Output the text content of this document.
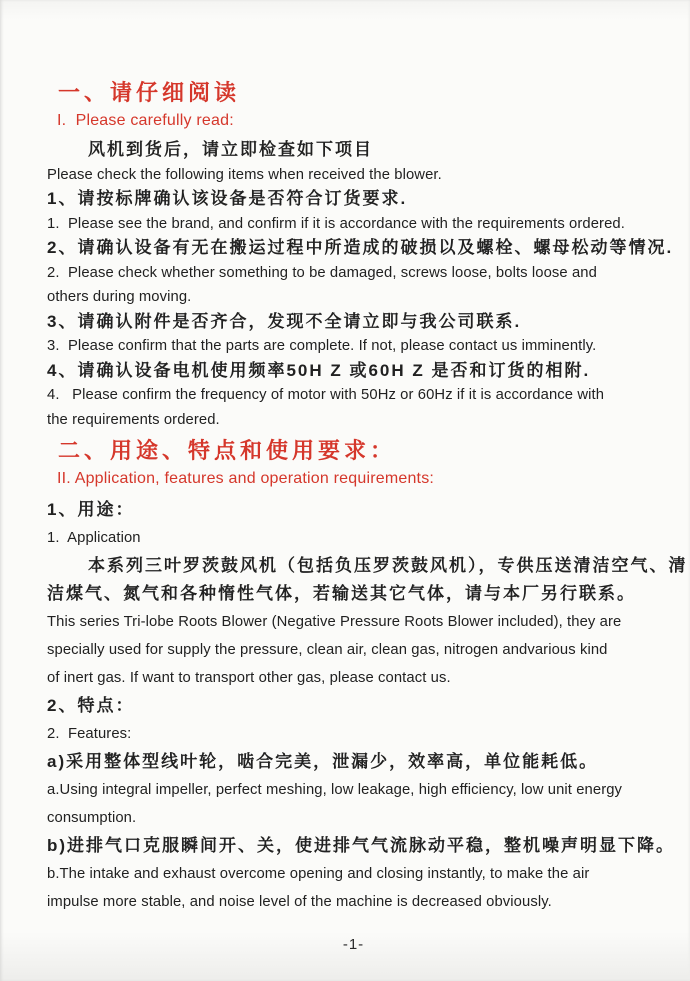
一、请仔细阅读
I.  Please carefully read:
风机到货后，请立即检查如下项目
Please check the following items when received the blower.
1、请按标牌确认该设备是否符合订货要求.
1.  Please see the brand, and confirm if it is accordance with the requirements ordered.
2、请确认设备有无在搬运过程中所造成的破损以及螺栓、螺母松动等情况.
2.  Please check whether something to be damaged, screws loose, bolts loose and
others during moving.
3、请确认附件是否齐合，发现不全请立即与我公司联系.
3.  Please confirm that the parts are complete. If not, please contact us imminently.
4、请确认设备电机使用频率50H Z 或60H Z 是否和订货的相附.
4.   Please confirm the frequency of motor with 50Hz or 60Hz if it is accordance with
the requirements ordered.
二、用途、特点和使用要求：
II. Application, features and operation requirements:
1、用途：
1.  Application
本系列三叶罗茨鼓风机（包括负压罗茨鼓风机），专供压送清洁空气、清
洁煤气、氮气和各种惰性气体，若输送其它气体，请与本厂另行联系。
This series Tri-lobe Roots Blower (Negative Pressure Roots Blower included), they are
specially used for supply the pressure, clean air, clean gas, nitrogen andvarious kind
of inert gas. If want to transport other gas, please contact us.
2、特点：
2.  Features:
a)采用整体型线叶轮，啮合完美，泄漏少，效率高，单位能耗低。
a.Using integral impeller, perfect meshing, low leakage, high efficiency, low unit energy
consumption.
b)进排气口克服瞬间开、关，使进排气气流脉动平稳，整机噪声明显下降。
b.The intake and exhaust overcome opening and closing instantly, to make the air
impulse more stable, and noise level of the machine is decreased obviously.
-1-
